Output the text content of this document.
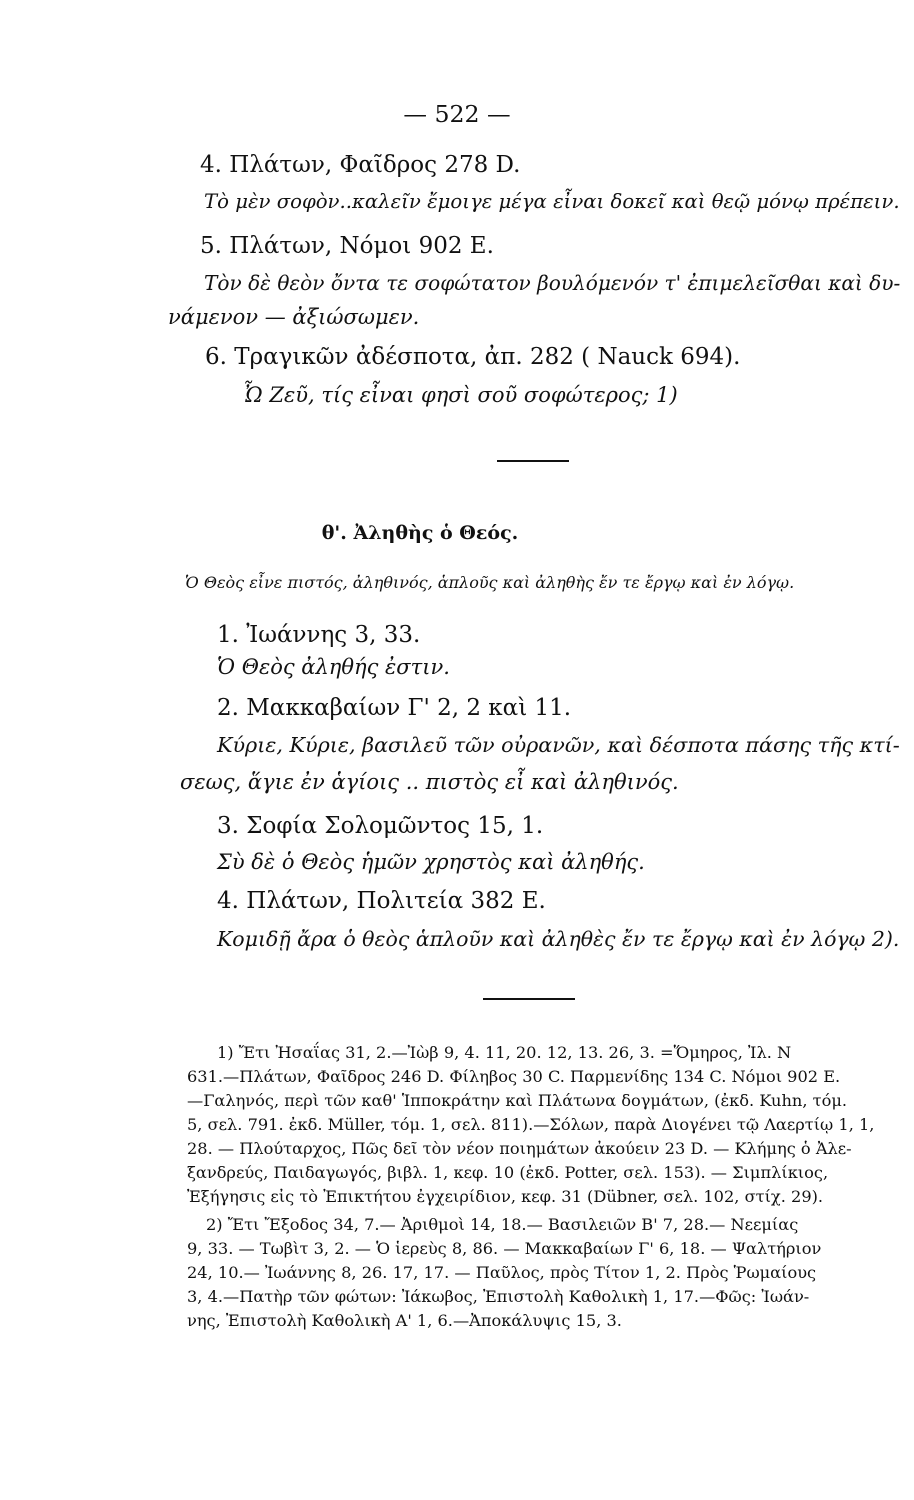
— 522 —
4. Πλάτων, Φαῖδρος 278 D.
Τὸ μὲν σοφὸν..καλεῖν ἔμοιγε μέγα εἶναι δοκεῖ καὶ θεῷ μόνῳ πρέπειν.
5. Πλάτων, Νόμοι 902 E.
Τὸν δὲ θεὸν ὄντα τε σοφώτατον βουλόμενόν τ' ἐπιμελεῖσθαι καὶ δυ-
νάμενον — ἀξιώσωμεν.
6. Τραγικῶν ἀδέσποτα, ἀπ. 282 ( Nauck 694).
Ὦ Ζεῦ, τίς εἶναι φησὶ σοῦ σοφώτερος; 1)
θ'. Ἀληθὴς ὁ Θεός.
Ὁ Θεὸς εἶνε πιστός, ἀληθινός, ἁπλοῦς καὶ ἀληθὴς ἔν τε ἔργῳ καὶ ἐν λόγῳ.
1. Ἰωάννης 3, 33.
Ὁ Θεὸς ἀληθής ἐστιν.
2. Μακκαβαίων Γ' 2, 2 καὶ 11.
Κύριε, Κύριε, βασιλεῦ τῶν οὐρανῶν, καὶ δέσποτα πάσης τῆς κτί-
σεως, ἅγιε ἐν ἁγίοις .. πιστὸς εἶ καὶ ἀληθινός.
3. Σοφία Σολομῶντος 15, 1.
Σὺ δὲ ὁ Θεὸς ἡμῶν χρηστὸς καὶ ἀληθής.
4. Πλάτων, Πολιτεία 382 E.
Κομιδῇ ἄρα ὁ θεὸς ἁπλοῦν καὶ ἀληθὲς ἔν τε ἔργῳ καὶ ἐν λόγῳ 2).
1) Ἔτι Ἠσαΐας 31, 2.—Ἰὼβ 9, 4. 11, 20. 12, 13. 26, 3. =Ὅμηρος, Ἰλ. N
631.—Πλάτων, Φαῖδρος 246 D. Φίληβος 30 C. Παρμενίδης 134 C. Νόμοι 902 E.
—Γαληνός, περὶ τῶν καθ' Ἱπποκράτην καὶ Πλάτωνα δογμάτων, (ἐκδ. Kuhn, τόμ.
5, σελ. 791. ἐκδ. Müller, τόμ. 1, σελ. 811).—Σόλων, παρὰ Διογένει τῷ Λαερτίῳ 1, 1,
28. — Πλούταρχος, Πῶς δεῖ τὸν νέον ποιημάτων ἀκούειν 23 D. — Κλήμης ὁ Ἀλε-
ξανδρεύς, Παιδαγωγός, βιβλ. 1, κεφ. 10 (ἐκδ. Potter, σελ. 153). — Σιμπλίκιος,
Ἐξήγησις εἰς τὸ Ἐπικτήτου ἐγχειρίδιον, κεφ. 31 (Dübner, σελ. 102, στίχ. 29).
2) Ἔτι Ἔξοδος 34, 7.— Ἀριθμοὶ 14, 18.— Βασιλειῶν Β' 7, 28.— Νεεμίας
9, 33. — Τωβὶτ 3, 2. — Ὁ ἱερεὺς 8, 86. — Μακκαβαίων Γ' 6, 18. — Ψαλτήριον
24, 10.— Ἰωάννης 8, 26. 17, 17. — Παῦλος, πρὸς Τίτον 1, 2. Πρὸς Ῥωμαίους
3, 4.—Πατὴρ τῶν φώτων: Ἰάκωβος, Ἐπιστολὴ Καθολικὴ 1, 17.—Φῶς: Ἰωάν-
νης, Ἐπιστολὴ Καθολικὴ Α' 1, 6.—Ἀποκάλυψις 15, 3.
